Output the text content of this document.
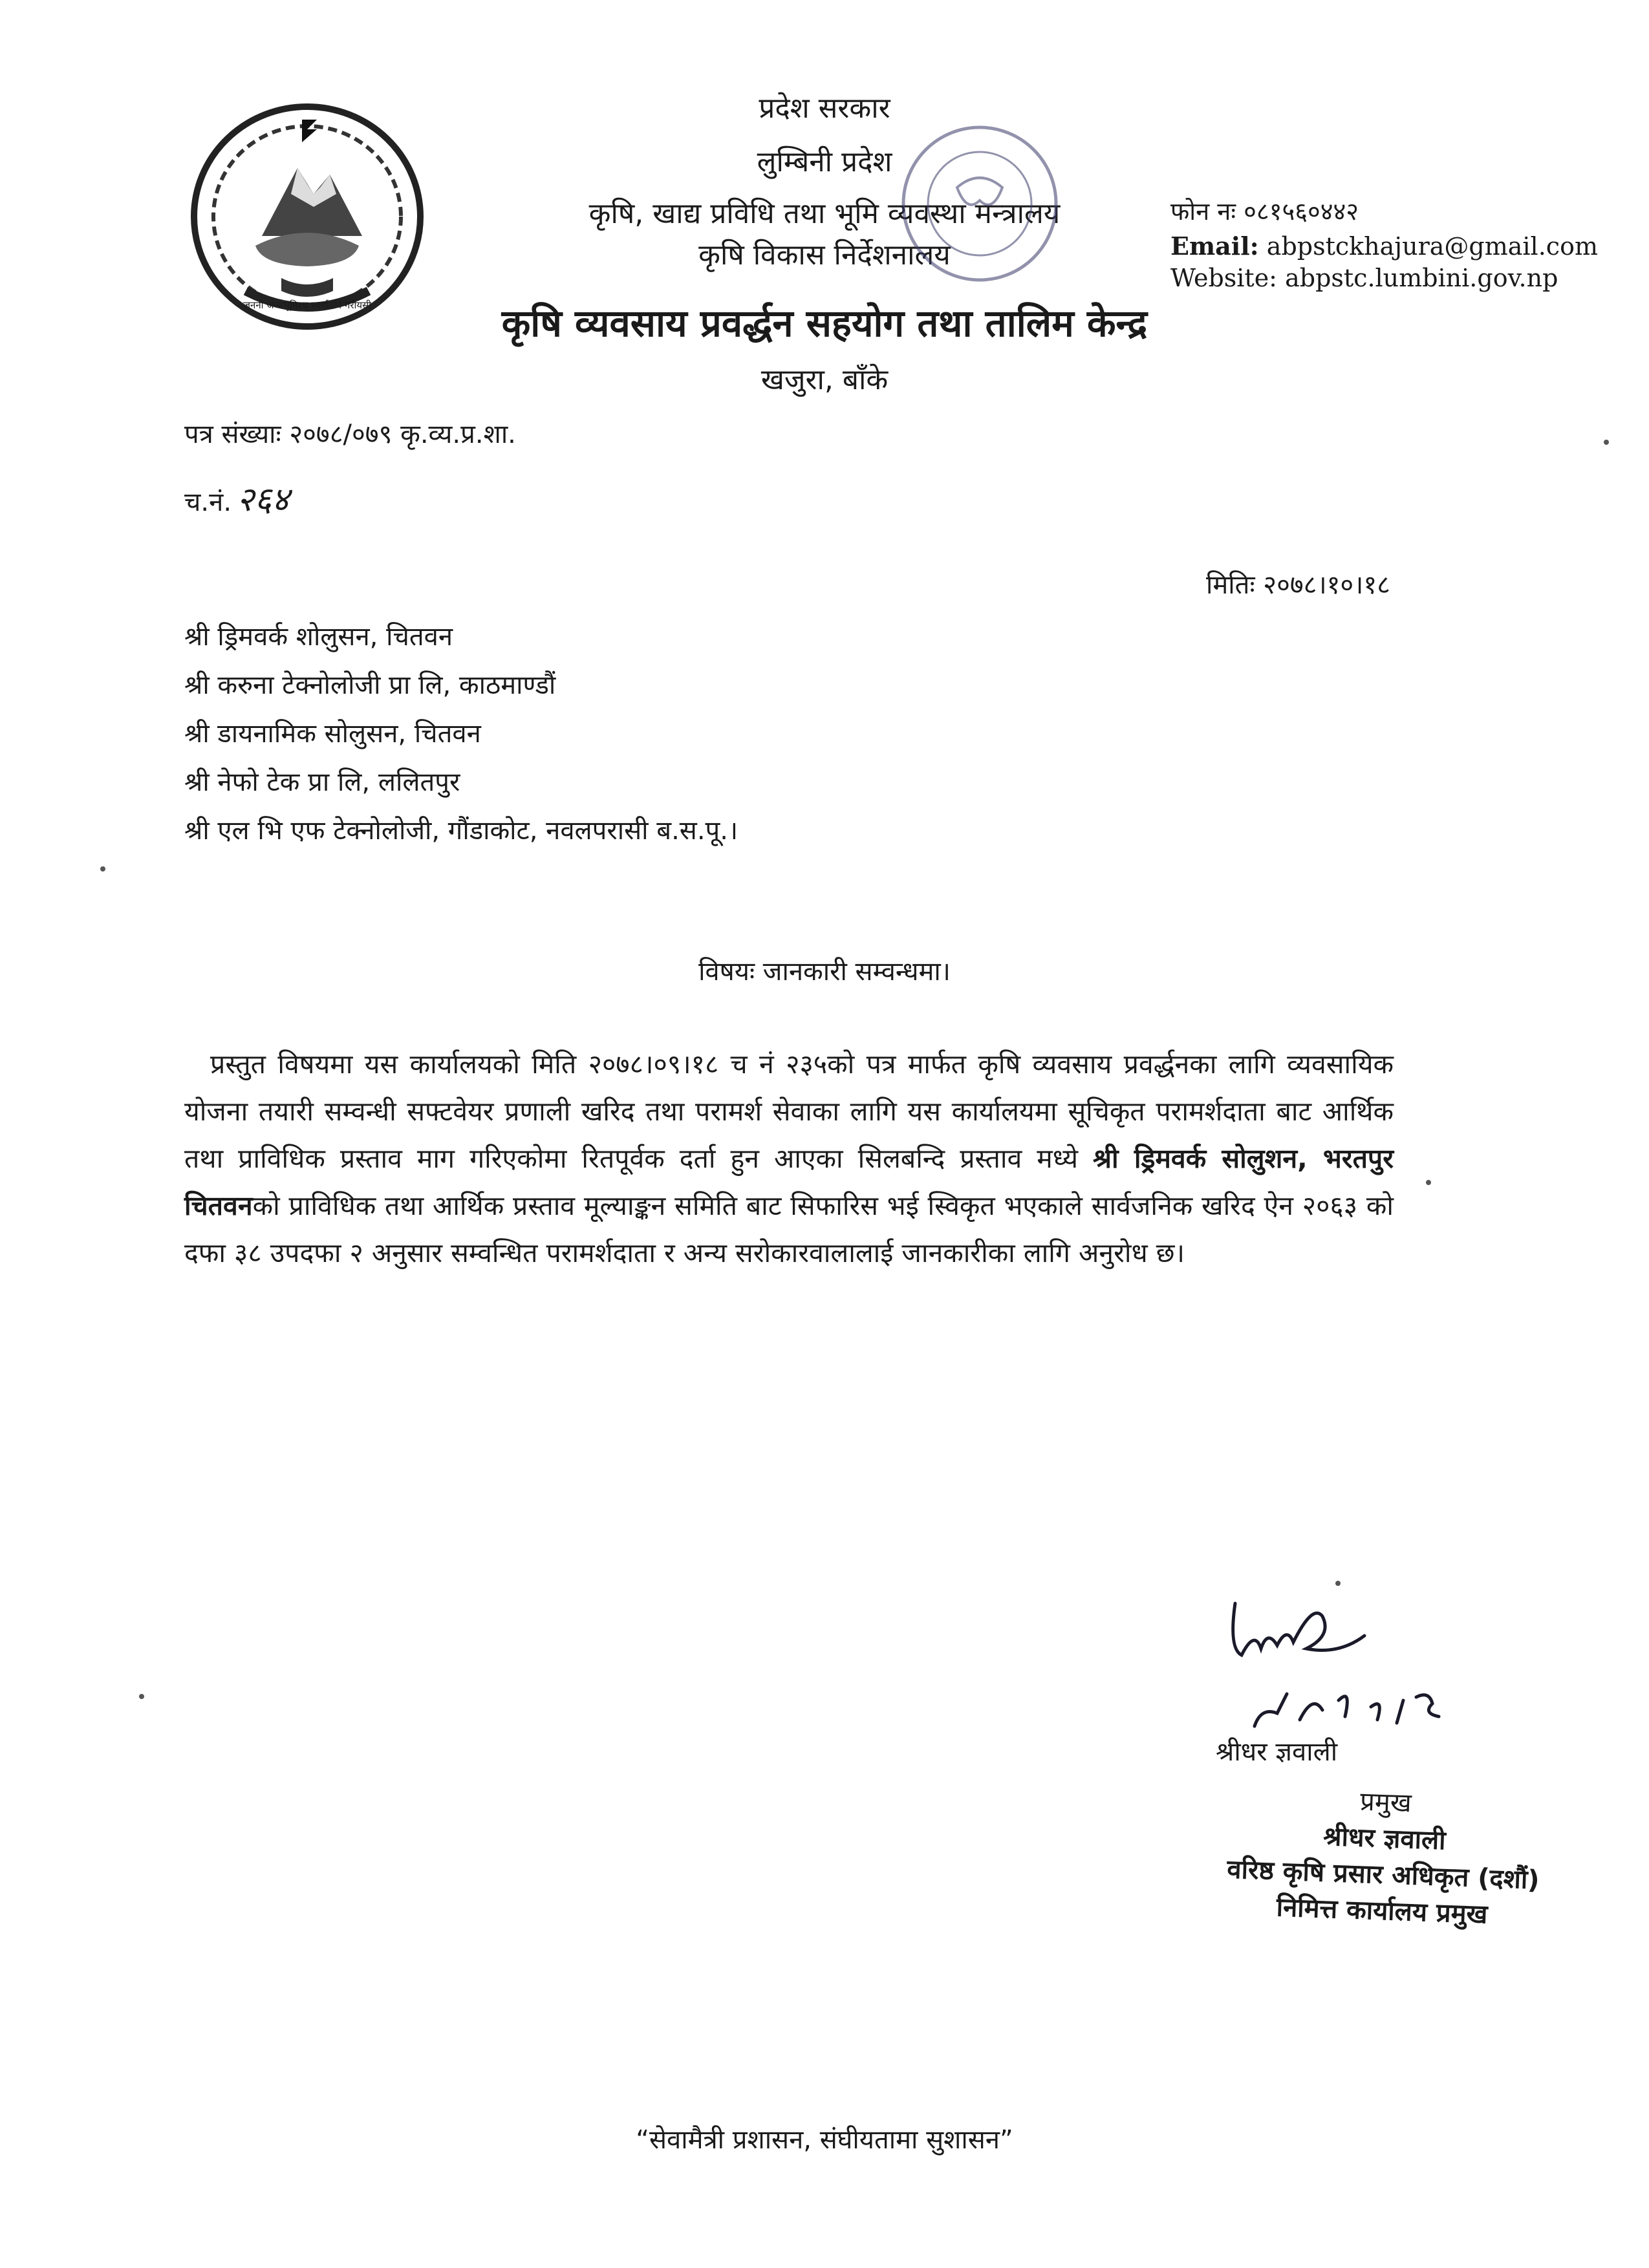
जननी जन्मभूमिश्च स्वर्गादपि गरीयसी
प्रदेश सरकार
लुम्बिनी प्रदेश
कृषि, खाद्य प्रविधि तथा भूमि व्यवस्था मन्त्रालय
कृषि विकास निर्देशनालय
कृषि व्यवसाय प्रवर्द्धन सहयोग तथा तालिम केन्द्र
खजुरा, बाँके
फोन नः ०८१५६०४४२
Email: abpstckhajura@gmail.com
Website: abpstc.lumbini.gov.np
पत्र संख्याः २०७८/०७९ कृ.व्य.प्र.शा.
च.नं. २६४
मितिः २०७८।१०।१८
श्री ड्रिमवर्क शोलुसन, चितवन
श्री करुना टेक्नोलोजी प्रा लि, काठमाण्डौं
श्री डायनामिक सोलुसन, चितवन
श्री नेफो टेक प्रा लि, ललितपुर
श्री एल भि एफ टेक्नोलोजी, गौंडाकोट, नवलपरासी ब.स.पू.।
विषयः जानकारी सम्वन्धमा।
प्रस्तुत विषयमा यस कार्यालयको मिति २०७८।०९।१८ च नं २३५को पत्र मार्फत कृषि व्यवसाय प्रवर्द्धनका लागि व्यवसायिक योजना तयारी सम्वन्धी सफ्टवेयर प्रणाली खरिद तथा परामर्श सेवाका लागि यस कार्यालयमा सूचिकृत परामर्शदाता बाट आर्थिक तथा प्राविधिक प्रस्ताव माग गरिएकोमा रितपूर्वक दर्ता हुन आएका सिलबन्दि प्रस्ताव मध्ये श्री ड्रिमवर्क सोलुशन, भरतपुर चितवनको प्राविधिक तथा आर्थिक प्रस्ताव मूल्याङ्कन समिति बाट सिफारिस भई स्विकृत भएकाले सार्वजनिक खरिद ऐन २०६३ को दफा ३८ उपदफा २ अनुसार सम्वन्धित परामर्शदाता र अन्य सरोकारवालालाई जानकारीका लागि अनुरोध छ।
श्रीधर ज्ञवाली
प्रमुख
श्रीधर ज्ञवाली
वरिष्ठ कृषि प्रसार अधिकृत (दशौं)
निमित्त कार्यालय प्रमुख
“सेवामैत्री प्रशासन, संघीयतामा सुशासन”
